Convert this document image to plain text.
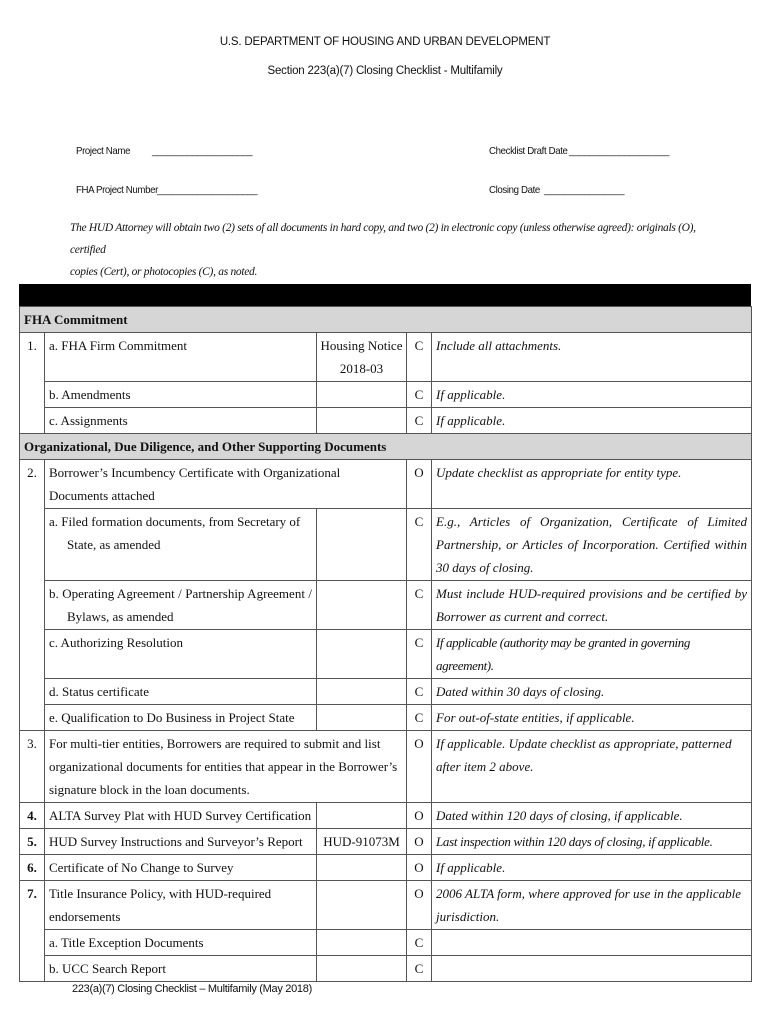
U.S. DEPARTMENT OF HOUSING AND URBAN DEVELOPMENT
Section 223(a)(7) Closing Checklist - Multifamily
Project Name ____________________	Checklist Draft Date ____________________
FHA Project Number ____________________	Closing Date ________________

The HUD Attorney will obtain two (2) sets of all documents in hard copy, and two (2) in electronic copy (unless otherwise agreed): originals (O), certified

copies (Cert), or photocopies (C), as noted.

FHA Commitment				
1.	a. FHA Firm Commitment	Housing Notice 2018-03	C	Include all attachments.
	b. Amendments		C	If applicable.
	c. Assignments		C	If applicable.
Organizational, Due Diligence, and Other Supporting Documents				
2.	Borrower’s Incumbency Certificate with Organizational Documents attached		O	Update checklist as appropriate for entity type.
	a. Filed formation documents, from Secretary of State, as amended		C	E.g., Articles of Organization, Certificate of Limited Partnership, or Articles of Incorporation. Certified within 30 days of closing.
	b. Operating Agreement / Partnership Agreement / Bylaws, as amended		C	Must include HUD-required provisions and be certified by Borrower as current and correct.
	c. Authorizing Resolution		C	If applicable (authority may be granted in governing agreement).
	d. Status certificate		C	Dated within 30 days of closing.
	e. Qualification to Do Business in Project State		C	For out-of-state entities, if applicable.
3.	For multi-tier entities, Borrowers are required to submit and list organizational documents for entities that appear in the Borrower’s signature block in the loan documents.		O	If applicable. Update checklist as appropriate, patterned after item 2 above.
4.	ALTA Survey Plat with HUD Survey Certification		O	Dated within 120 days of closing, if applicable.
5.	HUD Survey Instructions and Surveyor’s Report	HUD-91073M	O	Last inspection within 120 days of closing, if applicable.
6.	Certificate of No Change to Survey		O	If applicable.
7.	Title Insurance Policy, with HUD-required endorsements		O	2006 ALTA form, where approved for use in the applicable jurisdiction.
	a. Title Exception Documents		C	
	b. UCC Search Report		C	
223(a)(7) Closing Checklist – Multifamily (May 2018)
